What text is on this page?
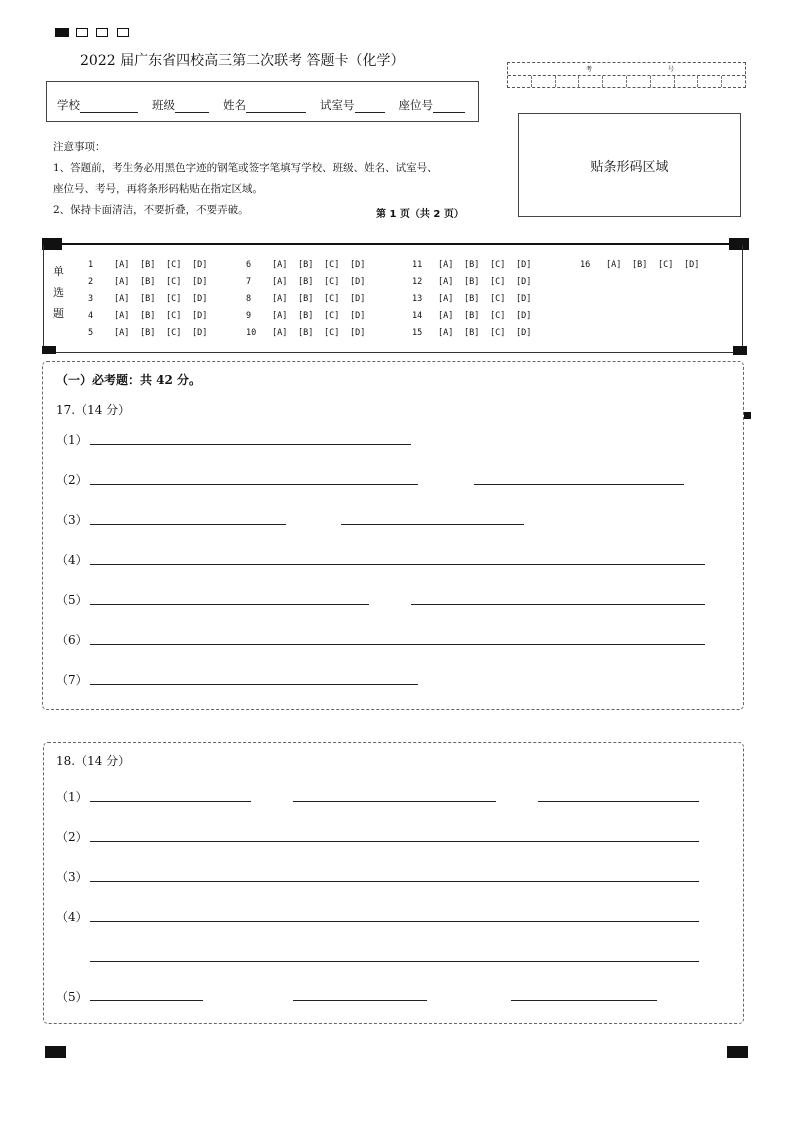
2022 届广东省四校高三第二次联考 答题卡（化学）
考	号
学校	班级	姓名	试室号	座位号
贴条形码区域

注意事项：

1、答题前，考生务必用黑色字迹的钢笔或签字笔填写学校、班级、姓名、试室号、

座位号、考号，再将条形码粘贴在指定区域。

2、保持卡面清洁，不要折叠，不要弄破。	第 1 页（共 2 页）
单
选
题
1 [A] [B] [C] [D]
2 [A] [B] [C] [D]
3 [A] [B] [C] [D]
4 [A] [B] [C] [D]
5 [A] [B] [C] [D]
6 [A] [B] [C] [D]
7 [A] [B] [C] [D]
8 [A] [B] [C] [D]
9 [A] [B] [C] [D]
10 [A] [B] [C] [D]
11 [A] [B] [C] [D]
12 [A] [B] [C] [D]
13 [A] [B] [C] [D]
14 [A] [B] [C] [D]
15 [A] [B] [C] [D]
16 [A] [B] [C] [D]
（一）必考题：共 42 分。
17.（14 分）
（1）
（2）
（3）
（4）
（5）
（6）
（7）
18.（14 分）
（1）
（2）
（3）
（4）
（5）
